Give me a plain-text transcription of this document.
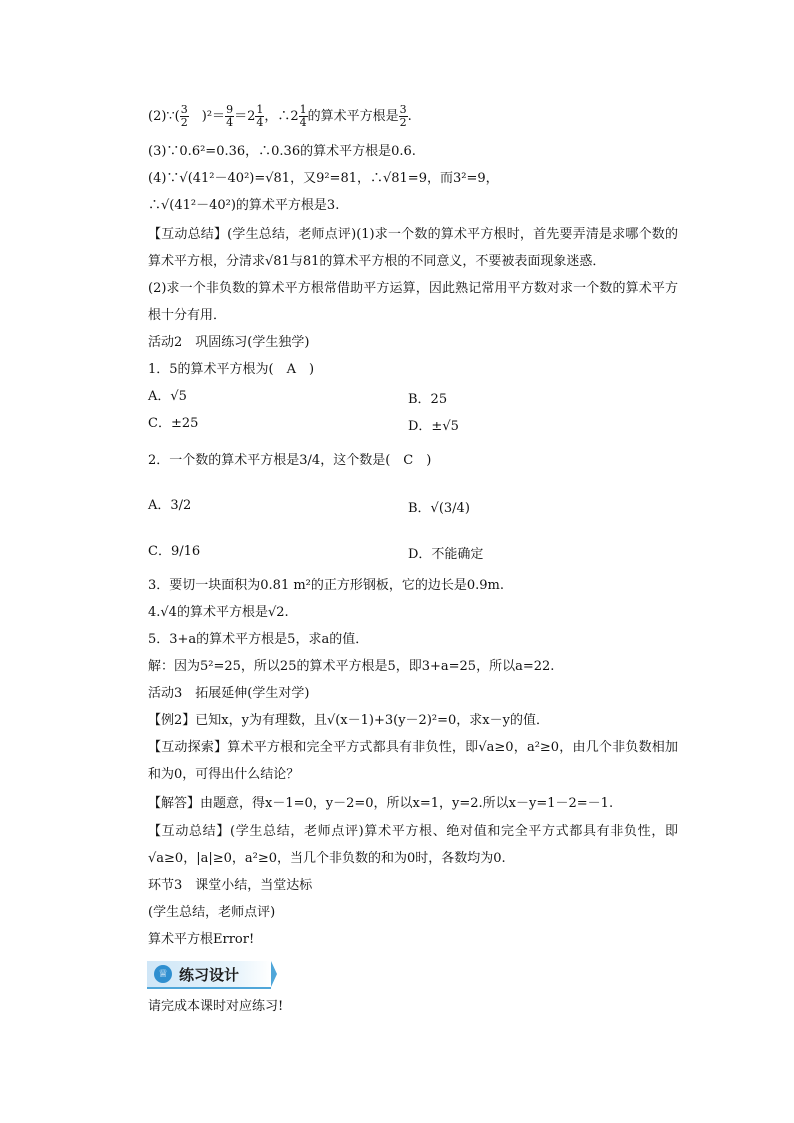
(2)∵( $\frac{3}{2}$ 　)$^2= \frac{9}{4} =2 \frac{1}{4}$ ，∴2 $\frac{1}{4}$ 的算术平方根是 $\frac{3}{2}$ .
(3)∵0.6²=0.36，∴0.36的算术平方根是0.6.
(4)∵√(41²－40²)=√81，又9²=81，∴√81=9，而3²=9，
∴√(41²－40²)的算术平方根是3.
【互动总结】(学生总结，老师点评)(1)求一个数的算术平方根时，首先要弄清是求哪个数的算术平方根，分清求√81与81的算术平方根的不同意义，不要被表面现象迷惑．
(2)求一个非负数的算术平方根常借助平方运算，因此熟记常用平方数对求一个数的算术平方根十分有用．
活动2　巩固练习(学生独学)
1．5的算术平方根为(　A　)
A．√5	B．25
C．±25	D．±√5
2．一个数的算术平方根是3/4，这个数是(　C　)
A．3/2	B．√(3/4)
C．9/16	D．不能确定
3．要切一块面积为0.81 m²的正方形钢板，它的边长是0.9m.
4.√4的算术平方根是√2.
5．3+a的算术平方根是5，求a的值．
解：因为5²=25，所以25的算术平方根是5，即3+a=25，所以a=22.
活动3　拓展延伸(学生对学)
【例2】已知x，y为有理数，且√(x－1)+3(y－2)²=0，求x－y的值．
【互动探索】算术平方根和完全平方式都具有非负性，即√a≥0，a²≥0，由几个非负数相加和为0，可得出什么结论？
【解答】由题意，得x－1=0，y－2=0，所以x=1，y=2.所以x－y=1－2=－1.
【互动总结】(学生总结，老师点评)算术平方根、绝对值和完全平方式都具有非负性，即√a≥0，|a|≥0，a²≥0，当几个非负数的和为0时，各数均为0.
环节3　课堂小结，当堂达标
(学生总结，老师点评)
算术平方根Error!
♕ 练习设计
请完成本课时对应练习!
